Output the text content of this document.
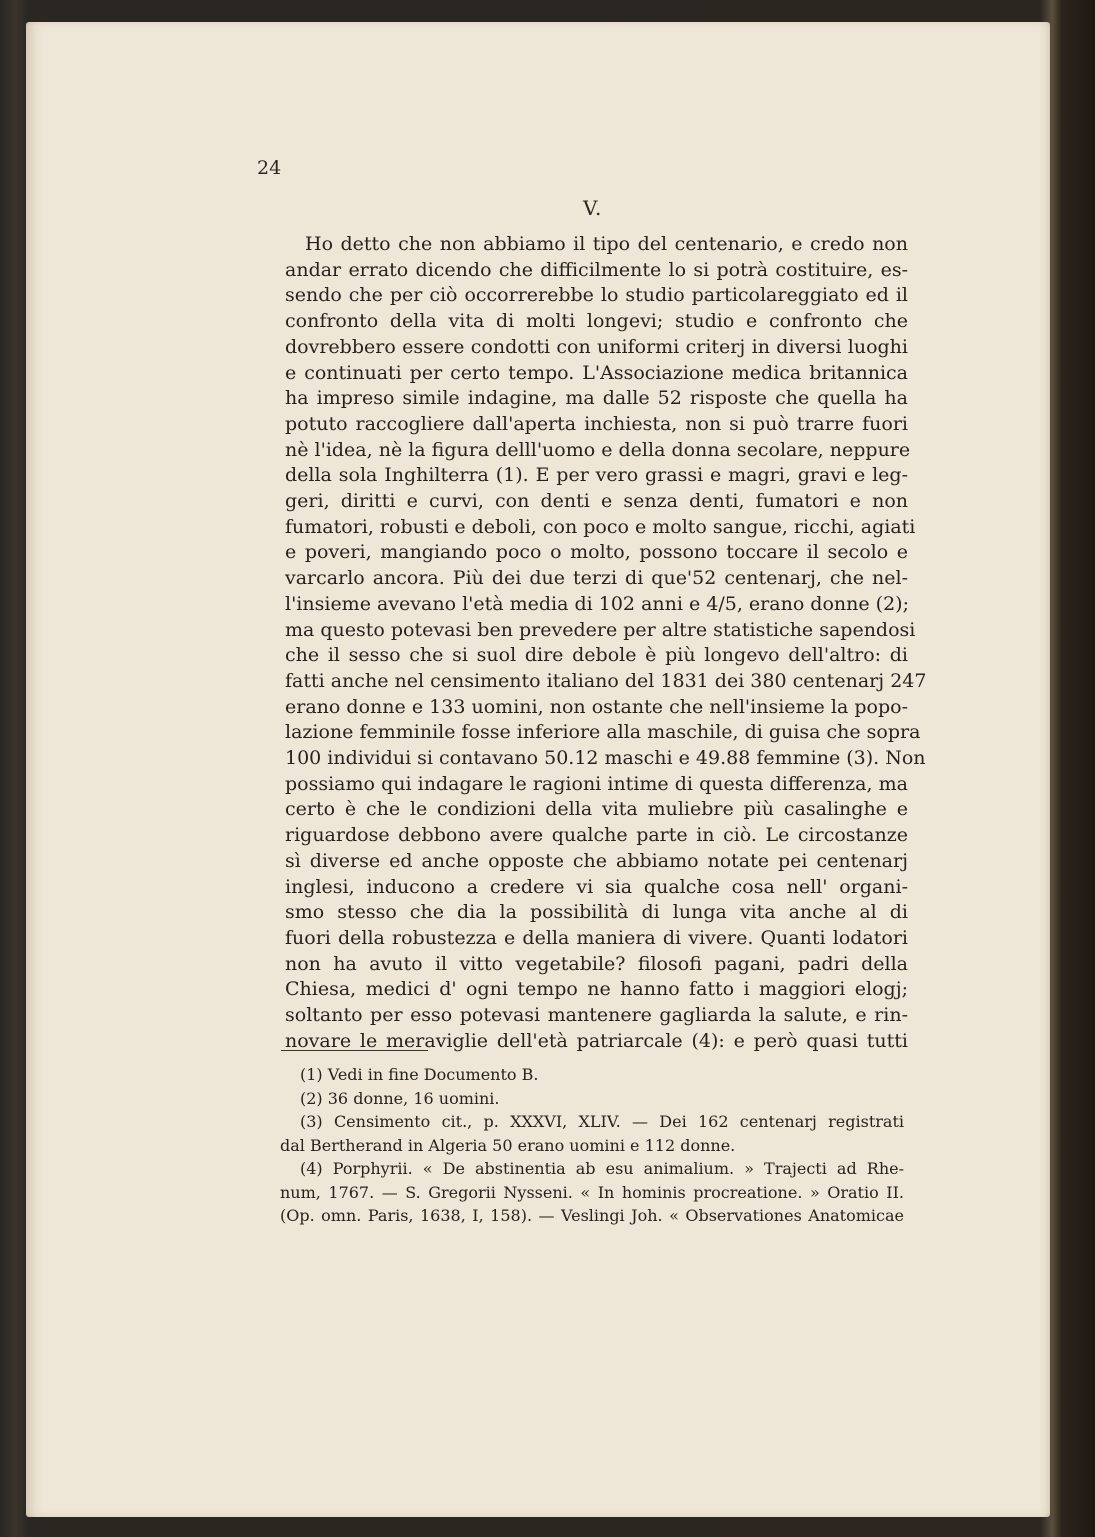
24
V.
Ho detto che non abbiamo il tipo del centenario, e credo non
andar errato dicendo che difficilmente lo si potrà costituire, es-
sendo che per ciò occorrerebbe lo studio particolareggiato ed il
confronto della vita di molti longevi; studio e confronto che
dovrebbero essere condotti con uniformi criterj in diversi luoghi
e continuati per certo tempo. L'Associazione medica britannica
ha impreso simile indagine, ma dalle 52 risposte che quella ha
potuto raccogliere dall'aperta inchiesta, non si può trarre fuori
nè l'idea, nè la figura delll'uomo e della donna secolare, neppure
della sola Inghilterra (1). E per vero grassi e magri, gravi e leg-
geri, diritti e curvi, con denti e senza denti, fumatori e non
fumatori, robusti e deboli, con poco e molto sangue, ricchi, agiati
e poveri, mangiando poco o molto, possono toccare il secolo e
varcarlo ancora. Più dei due terzi di que'52 centenarj, che nel-
l'insieme avevano l'età media di 102 anni e 4/5, erano donne (2);
ma questo potevasi ben prevedere per altre statistiche sapendosi
che il sesso che si suol dire debole è più longevo dell'altro: di
fatti anche nel censimento italiano del 1831 dei 380 centenarj 247
erano donne e 133 uomini, non ostante che nell'insieme la popo-
lazione femminile fosse inferiore alla maschile, di guisa che sopra
100 individui si contavano 50.12 maschi e 49.88 femmine (3). Non
possiamo qui indagare le ragioni intime di questa differenza, ma
certo è che le condizioni della vita muliebre più casalinghe e
riguardose debbono avere qualche parte in ciò. Le circostanze
sì diverse ed anche opposte che abbiamo notate pei centenarj
inglesi, inducono a credere vi sia qualche cosa nell' organi-
smo stesso che dia la possibilità di lunga vita anche al di
fuori della robustezza e della maniera di vivere. Quanti lodatori
non ha avuto il vitto vegetabile? filosofi pagani, padri della
Chiesa, medici d' ogni tempo ne hanno fatto i maggiori elogj;
soltanto per esso potevasi mantenere gagliarda la salute, e rin-
novare le meraviglie dell'età patriarcale (4): e però quasi tutti
(1) Vedi in fine Documento B.
(2) 36 donne, 16 uomini.
(3) Censimento cit., p. XXXVI, XLIV. — Dei 162 centenarj registrati
dal Bertherand in Algeria 50 erano uomini e 112 donne.
(4) Porphyrii. « De abstinentia ab esu animalium. » Trajecti ad Rhe-
num, 1767. — S. Gregorii Nysseni. « In hominis procreatione. » Oratio II.
(Op. omn. Paris, 1638, I, 158). — Veslingi Joh. « Observationes Anatomicae
